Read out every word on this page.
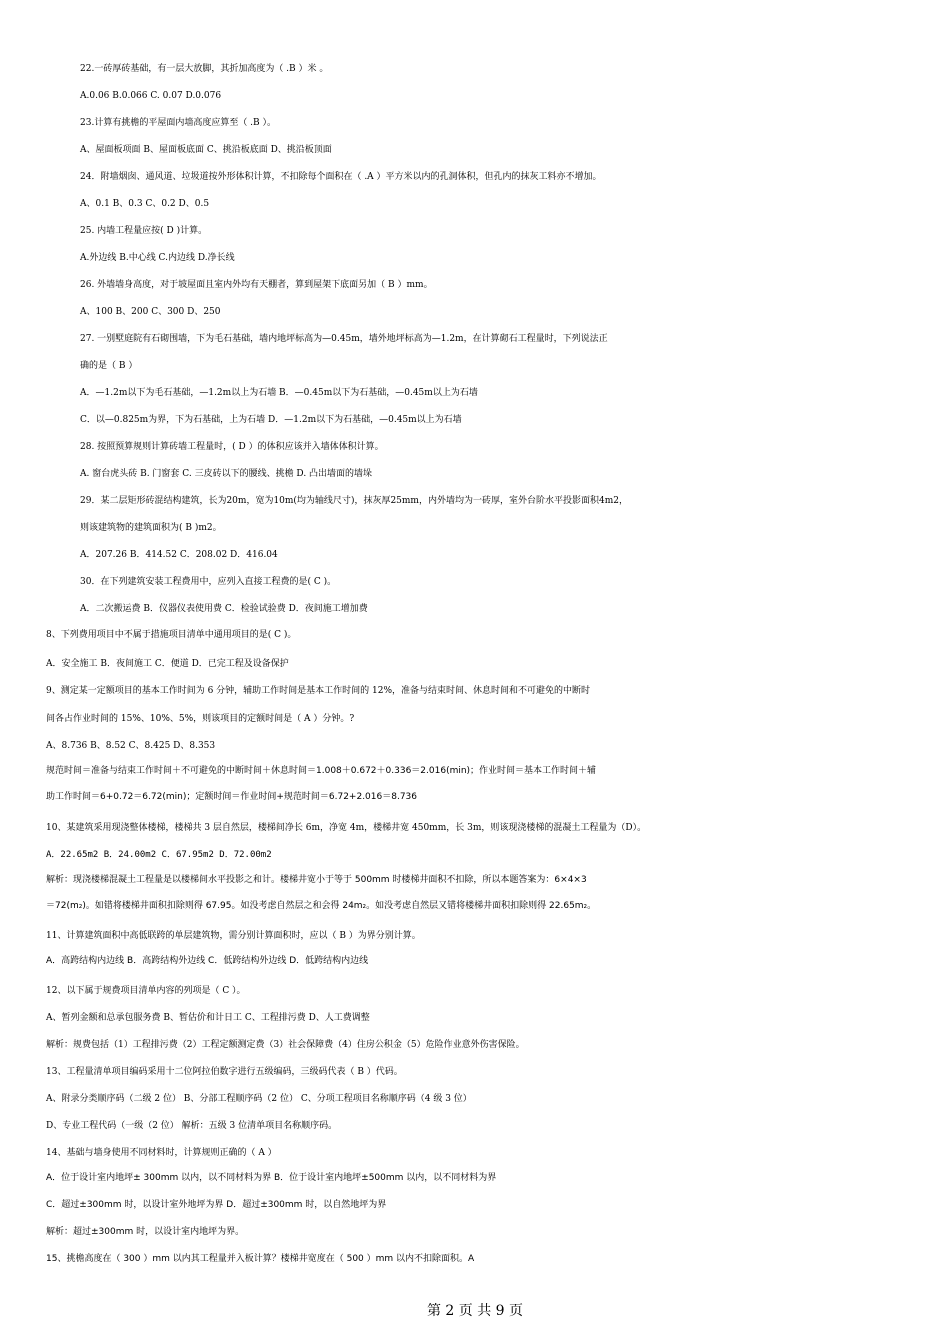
22.一砖厚砖基础，有一层大放脚，其折加高度为（ .B ）米 。
A.0.06 B.0.066 C. 0.07 D.0.076
23.计算有挑檐的平屋面内墙高度应算至（ .B ）。
A、屋面板项面 B、屋面板底面 C、挑沿板底面 D、挑沿板顶面
24．附墙烟囱、通风道、垃圾道按外形体积计算，不扣除每个面积在（ .A ）平方米以内的孔洞体积，但孔内的抹灰工料亦不增加。
A、0.1 B、0.3 C、0.2 D、0.5
25. 内墙工程量应按( D )计算。
A.外边线 B.中心线 C.内边线 D.净长线
26. 外墙墙身高度，对于坡屋面且室内外均有天棚者，算到屋架下底面另加（ B ）mm。
A、100 B、200 C、300 D、250
27. 一别墅庭院有石砌围墙，下为毛石基础，墙内地坪标高为—0.45m，墙外地坪标高为—1.2m，在计算砌石工程量时，下列说法正
确的是（ B ）
A．—1.2m以下为毛石基础，—1.2m以上为石墙 B．—0.45m以下为石基础，—0.45m以上为石墙
C．以—0.825m为界，下为石基础，上为石墙 D．—1.2m以下为石基础，—0.45m以上为石墙
28. 按照预算规则计算砖墙工程量时，( D ）的体积应该并入墙体体积计算。
A. 窗台虎头砖 B. 门窗套 C. 三皮砖以下的腰线、挑檐 D. 凸出墙面的墙垛
29．某二层矩形砖混结构建筑，长为20m，宽为10m(均为轴线尺寸)，抹灰厚25mm，内外墙均为一砖厚，室外台阶水平投影面积4m2，
则该建筑物的建筑面积为( B )m2。
A．207.26 B．414.52 C．208.02 D．416.04
30．在下列建筑安装工程费用中，应列入直接工程费的是( C )。
A．二次搬运费 B．仪器仪表使用费 C．检验试验费 D．夜间施工增加费
8、下列费用项目中不属于措施项目清单中通用项目的是( C )。
A．安全施工 B．夜间施工 C．便道 D．已完工程及设备保护
9、测定某一定额项目的基本工作时间为 6 分钟，辅助工作时间是基本工作时间的 12%，准备与结束时间、休息时间和不可避免的中断时
间各占作业时间的 15%、10%、5%，则该项目的定额时间是（ A ）分钟。?
A、8.736 B、8.52 C、8.425 D、8.353
规范时间＝准备与结束工作时间＋不可避免的中断时间＋休息时间＝1.008＋0.672＋0.336＝2.016(min)；作业时间＝基本工作时间＋辅
助工作时间＝6+0.72＝6.72(min)；定额时间＝作业时间+规范时间＝6.72+2.016＝8.736
10、某建筑采用现浇整体楼梯，楼梯共 3 层自然层，楼梯间净长 6m，净宽 4m，楼梯井宽 450mm，长 3m，则该现浇楼梯的混凝土工程量为（D）。
A．22.65m2 B．24.00m2 C．67.95m2 D．72.00m2
解析：现浇楼梯混凝土工程量是以楼梯间水平投影之和计。楼梯井宽小于等于 500mm 时楼梯井面积不扣除，所以本题答案为：6×4×3
＝72(m₂)。如错将楼梯井面积扣除则得 67.95。如没考虑自然层之和会得 24m₂。如没考虑自然层又错将楼梯井面积扣除则得 22.65m₂。
11、计算建筑面积中高低联跨的单层建筑物，需分别计算面积时，应以（ B ）为界分别计算。
A．高跨结构内边线 B．高跨结构外边线 C．低跨结构外边线 D．低跨结构内边线
12、以下属于规费项目清单内容的列项是（ C ）。
A、暂列金额和总承包服务费 B、暂估价和计日工 C、工程排污费 D、人工费调整
解析：规费包括（1）工程排污费（2）工程定额测定费（3）社会保障费（4）住房公积金（5）危险作业意外伤害保险。
13、工程量清单项目编码采用十二位阿拉伯数字进行五级编码，三级码代表（ B ）代码。
A、附录分类顺序码（二级 2 位） B、分部工程顺序码（2 位） C、分项工程项目名称顺序码（4 级 3 位）
D、专业工程代码（一级（2 位） 解析：五级 3 位清单项目名称顺序码。
14、基础与墙身使用不同材料时，计算规则正确的（ A ）
A．位于设计室内地坪± 300mm 以内，以不同材料为界 B．位于设计室内地坪±500mm 以内，以不同材料为界
C．超过±300mm 时，以设计室外地坪为界 D．超过±300mm 时，以自然地坪为界
解析：超过±300mm 时，以设计室内地坪为界。
15、挑檐高度在（ 300 ）mm 以内其工程量并入板计算？楼梯井宽度在（ 500 ）mm 以内不扣除面积。A
第 2 页 共 9 页
